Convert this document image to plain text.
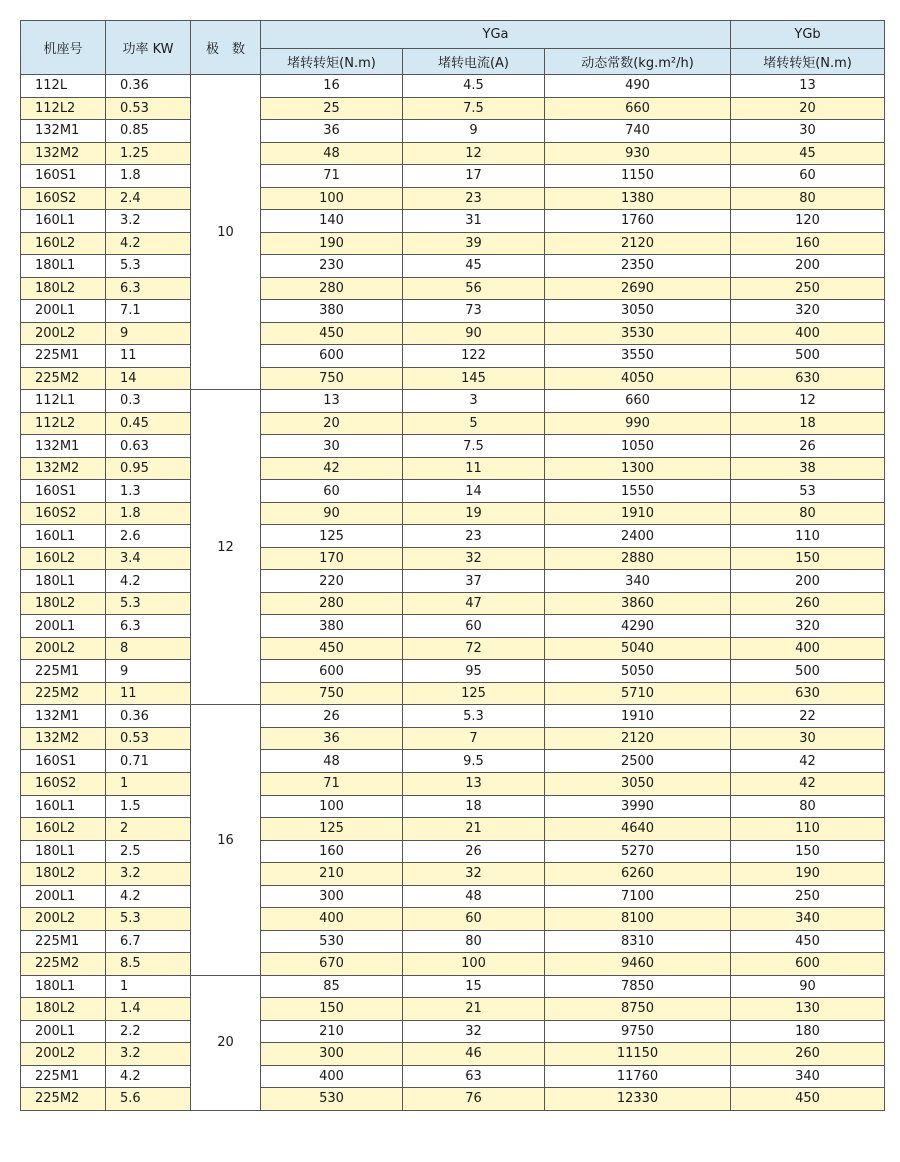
机座号	功率 KW	极　数	YGa			YGb
			堵转转矩(N.m)	堵转电流(A)	动态常数(kg.m²/h)	堵转转矩(N.m)
112L	0.36	10	16	4.5	490	13
112L2	0.53		25	7.5	660	20
132M1	0.85		36	9	740	30
132M2	1.25		48	12	930	45
160S1	1.8		71	17	1150	60
160S2	2.4		100	23	1380	80
160L1	3.2		140	31	1760	120
160L2	4.2		190	39	2120	160
180L1	5.3		230	45	2350	200
180L2	6.3		280	56	2690	250
200L1	7.1		380	73	3050	320
200L2	9		450	90	3530	400
225M1	11		600	122	3550	500
225M2	14		750	145	4050	630
112L1	0.3	12	13	3	660	12
112L2	0.45		20	5	990	18
132M1	0.63		30	7.5	1050	26
132M2	0.95		42	11	1300	38
160S1	1.3		60	14	1550	53
160S2	1.8		90	19	1910	80
160L1	2.6		125	23	2400	110
160L2	3.4		170	32	2880	150
180L1	4.2		220	37	340	200
180L2	5.3		280	47	3860	260
200L1	6.3		380	60	4290	320
200L2	8		450	72	5040	400
225M1	9		600	95	5050	500
225M2	11		750	125	5710	630
132M1	0.36	16	26	5.3	1910	22
132M2	0.53		36	7	2120	30
160S1	0.71		48	9.5	2500	42
160S2	1		71	13	3050	42
160L1	1.5		100	18	3990	80
160L2	2		125	21	4640	110
180L1	2.5		160	26	5270	150
180L2	3.2		210	32	6260	190
200L1	4.2		300	48	7100	250
200L2	5.3		400	60	8100	340
225M1	6.7		530	80	8310	450
225M2	8.5		670	100	9460	600
180L1	1	20	85	15	7850	90
180L2	1.4		150	21	8750	130
200L1	2.2		210	32	9750	180
200L2	3.2		300	46	11150	260
225M1	4.2		400	63	11760	340
225M2	5.6		530	76	12330	450
